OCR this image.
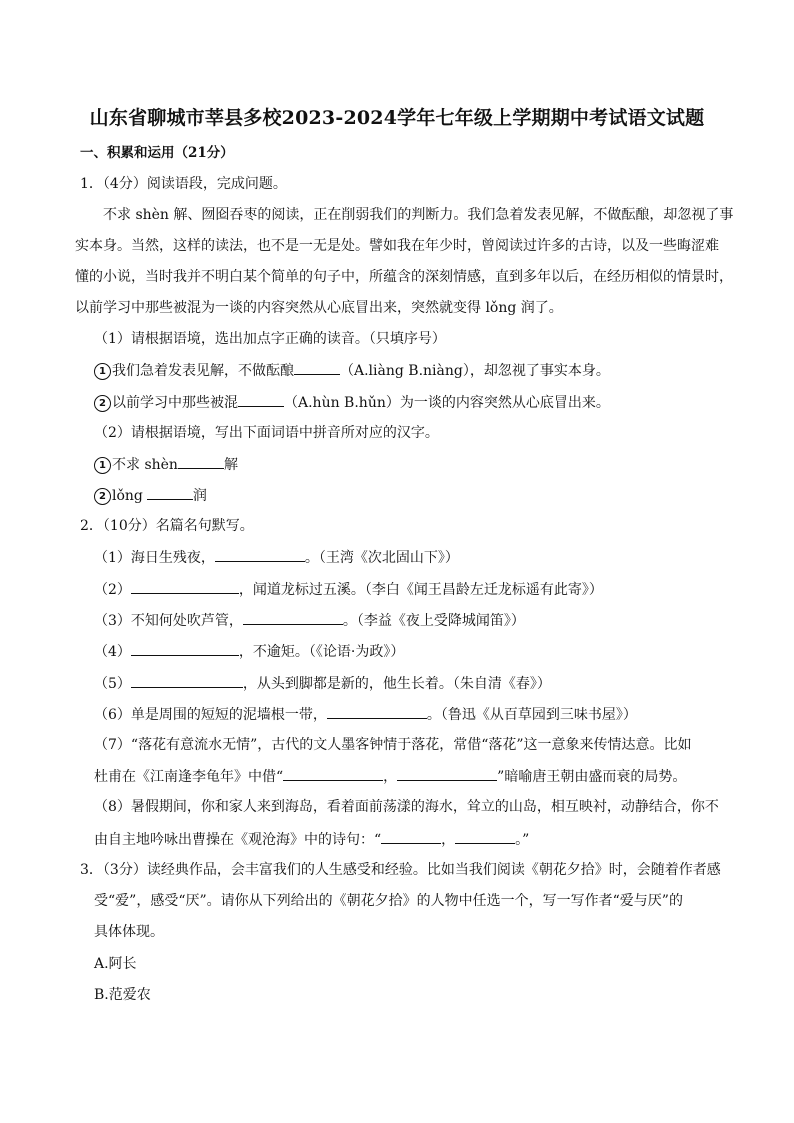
山东省聊城市莘县多校2023-2024学年七年级上学期期中考试语文试题
一、积累和运用（21分）
1．（4分）阅读语段，完成问题。
不求 shèn 解、囫囵吞枣的阅读，正在削弱我们的判断力。我们急着发表见解，不做酝酿，却忽视了事
实本身。当然，这样的读法，也不是一无是处。譬如我在年少时，曾阅读过许多的古诗，以及一些晦涩难
懂的小说，当时我并不明白某个简单的句子中，所蕴含的深刻情感，直到多年以后，在经历相似的情景时，
以前学习中那些被混为一谈的内容突然从心底冒出来，突然就变得 lǒng 润了。
（1）请根据语境，选出加点字正确的读音。（只填序号）
1 我们急着发表见解，不做酝酿	（A.liàng B.niàng），却忽视了事实本身。
2 以前学习中那些被混	（A.hùn B.hǔn）为一谈的内容突然从心底冒出来。
（2）请根据语境，写出下面词语中拼音所对应的汉字。
1 不求 shèn	解
2 lǒng	润
2．（10分）名篇名句默写。
（1）海日生残夜，	。（王湾《次北固山下》）
（2）	，闻道龙标过五溪。（李白《闻王昌龄左迁龙标遥有此寄》）
（3）不知何处吹芦管，	。（李益《夜上受降城闻笛》）
（4）	，不逾矩。（《论语·为政》）
（5）	，从头到脚都是新的，他生长着。（朱自清《春》）
（6）单是周围的短短的泥墙根一带，	。（鲁迅《从百草园到三味书屋》）
（7）“落花有意流水无情”，古代的文人墨客钟情于落花，常借“落花”这一意象来传情达意。比如
杜甫在《江南逢李龟年》中借“	，	”暗喻唐王朝由盛而衰的局势。
（8）暑假期间，你和家人来到海岛，看着面前荡漾的海水，耸立的山岛，相互映衬，动静结合，你不
由自主地吟咏出曹操在《观沧海》中的诗句：“	，	。”
3．（3分）读经典作品，会丰富我们的人生感受和经验。比如当我们阅读《朝花夕拾》时，会随着作者感
受“爱”，感受“厌”。请你从下列给出的《朝花夕拾》的人物中任选一个，写一写作者“爱与厌”的
具体体现。
A.阿长
B.范爱农
